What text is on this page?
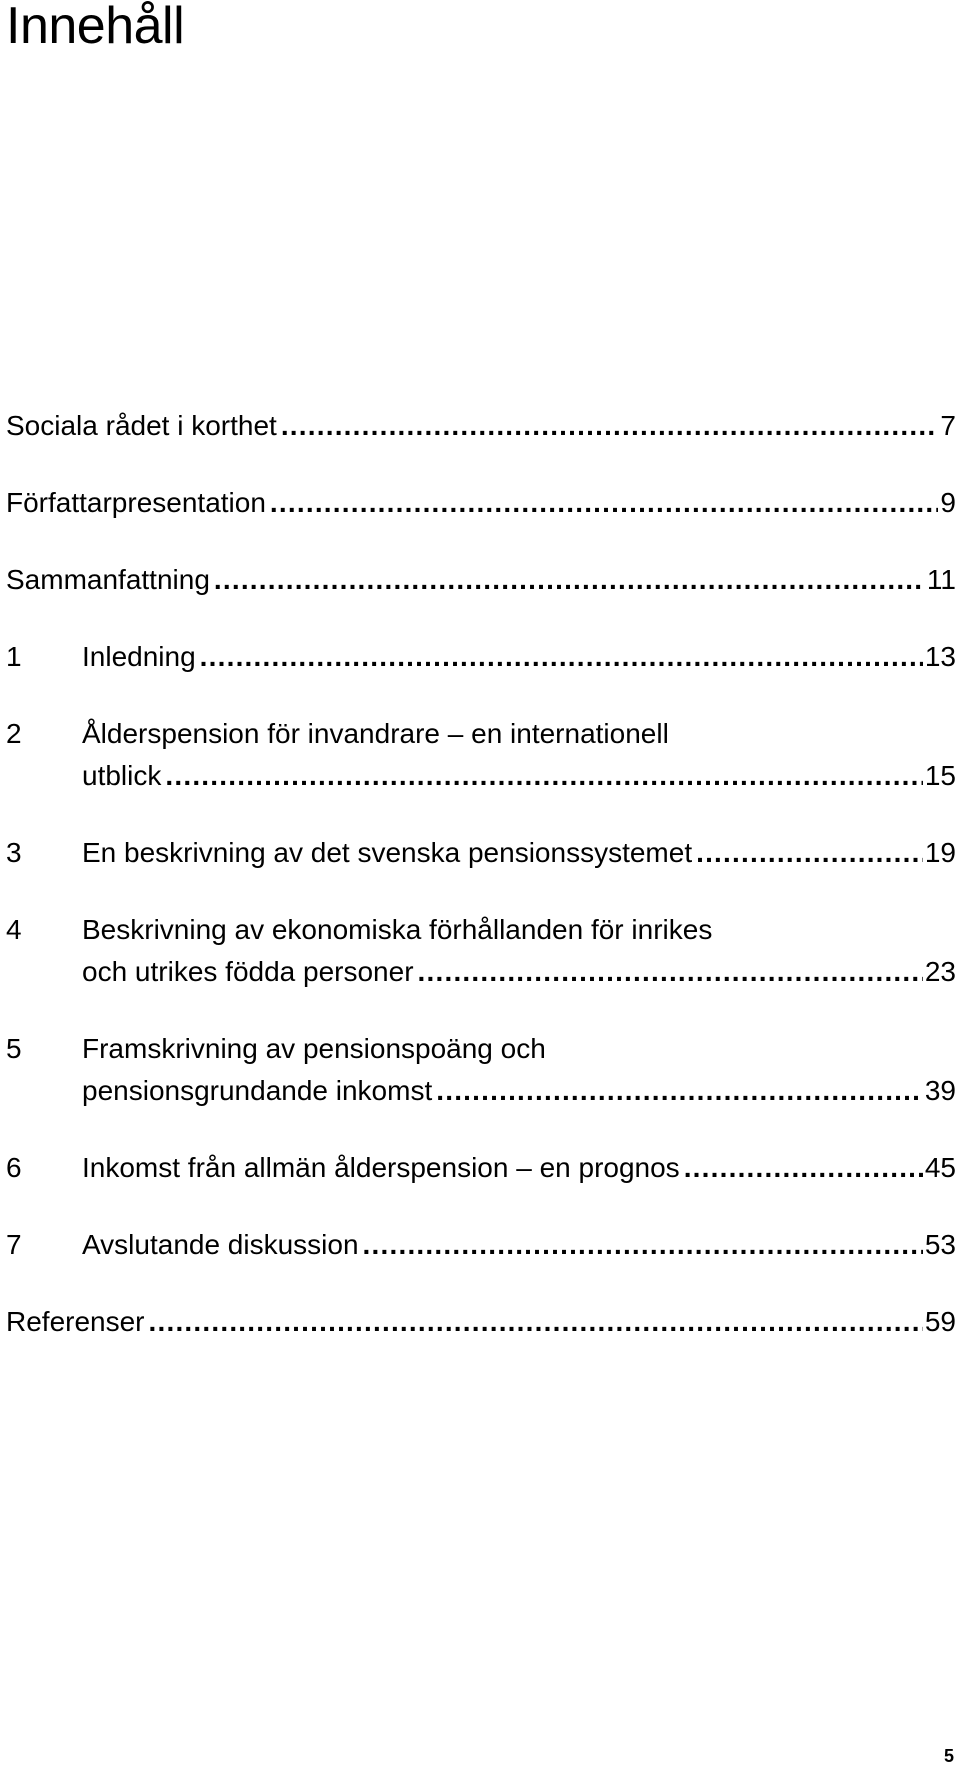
Innehåll
Sociala rådet i korthet .....	7
Författarpresentation .....	9
Sammanfattning .....	11
1	Inledning .....	13
2	Ålderspension för invandrare – en internationell
utblick .....	15
3	En beskrivning av det svenska pensionssystemet .....	19
4	Beskrivning av ekonomiska förhållanden för inrikes
och utrikes födda personer .....	23
5	Framskrivning av pensionspoäng och
pensionsgrundande inkomst .....	39
6	Inkomst från allmän ålderspension – en prognos .....	45
7	Avslutande diskussion .....	53
Referenser .....	59
5
